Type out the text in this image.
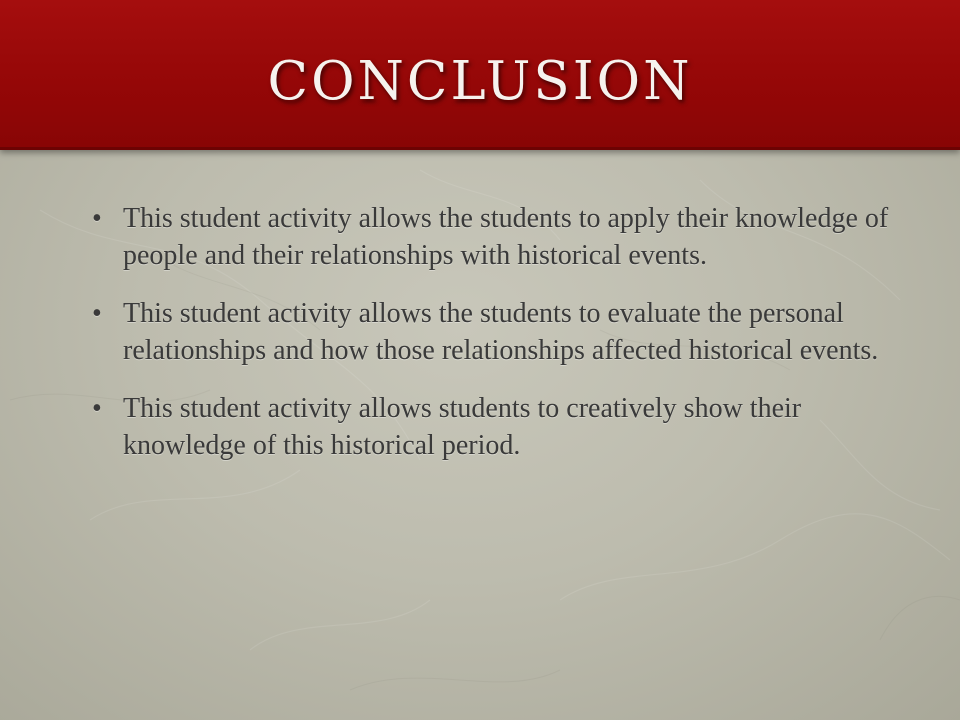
conclusion
• This student activity allows the students to apply their knowledge of people and their relationships with historical events.
• This student activity allows the students to evaluate the personal relationships and how those relationships affected historical events.
• This student activity allows students to creatively show their knowledge of this historical period.
